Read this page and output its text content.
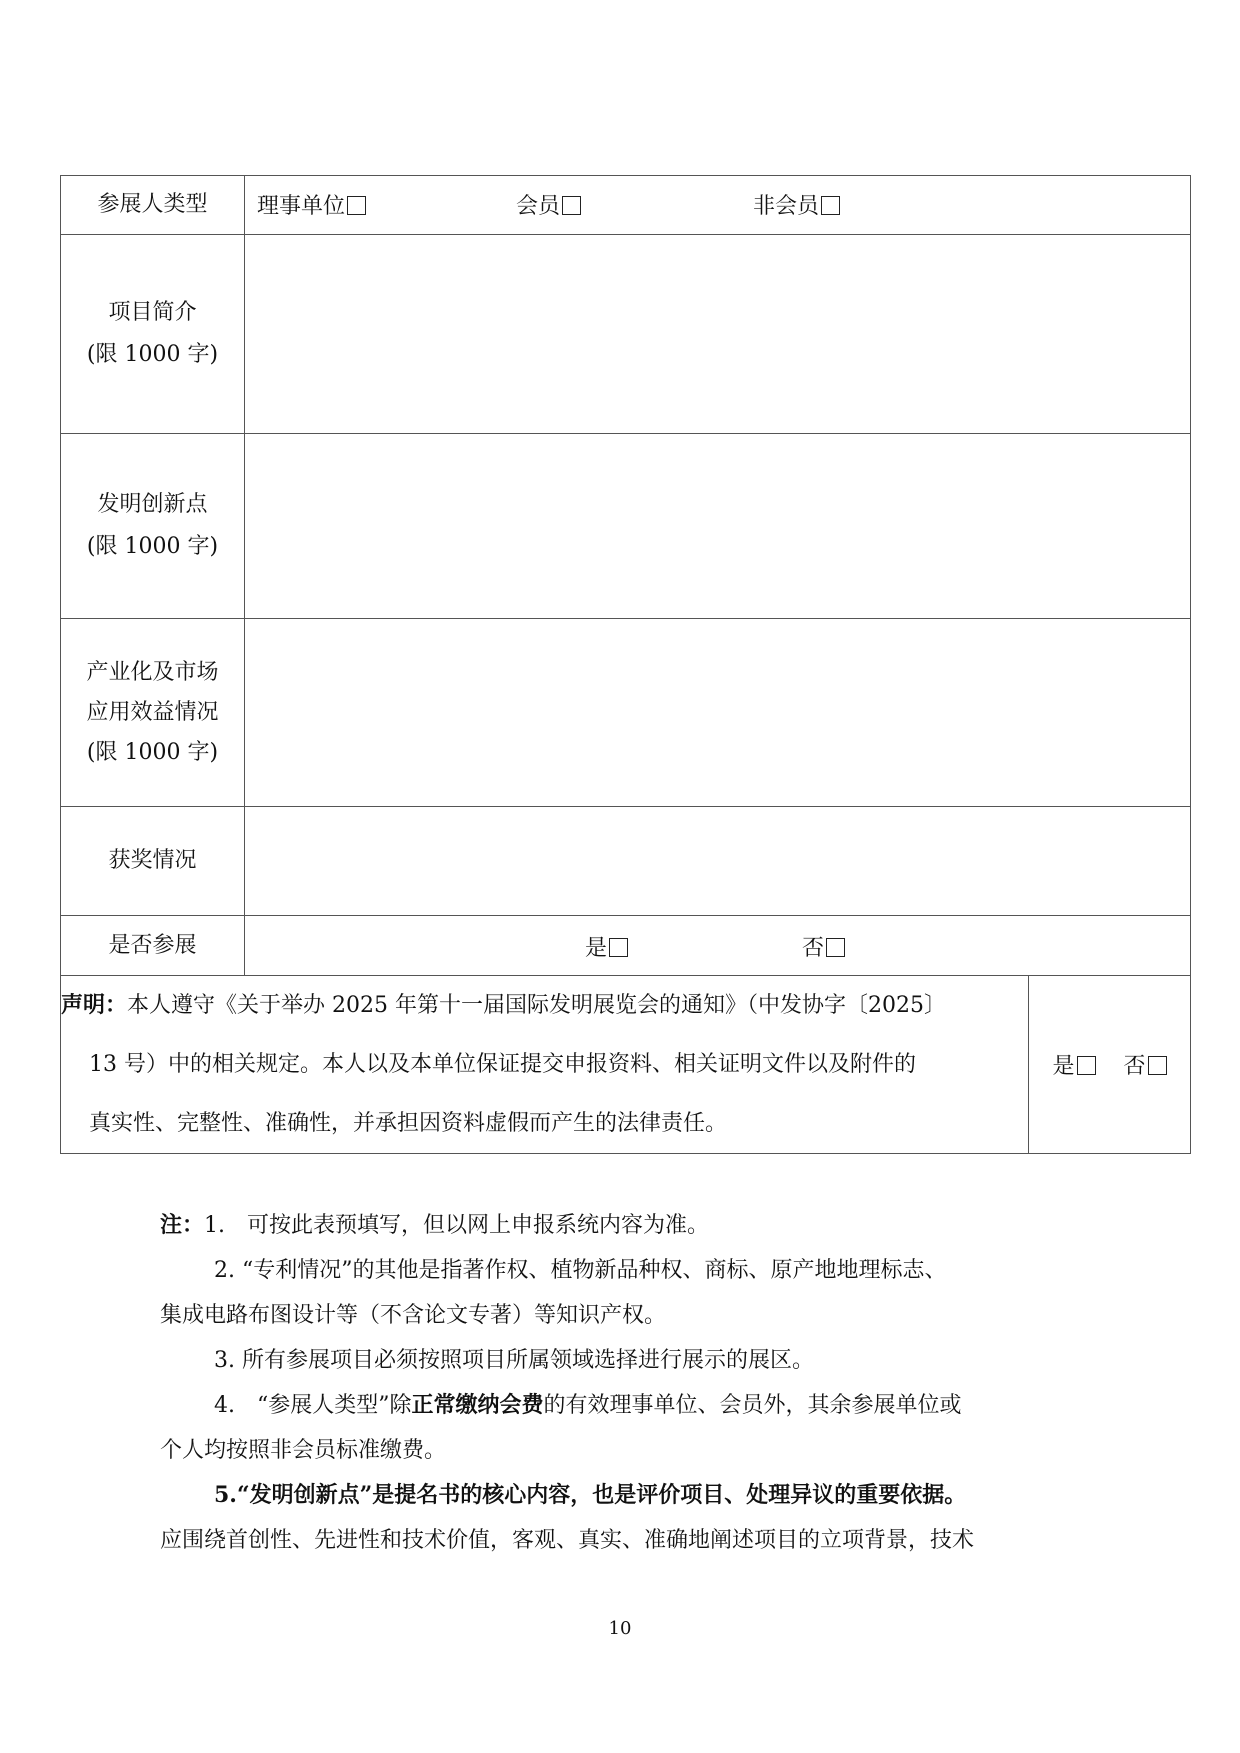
参展人类型	理事单位 会员 非会员	

项目简介
(限 1000 字)		

发明创新点
(限 1000 字)		

产业化及市场
应用效益情况
(限 1000 字)		

获奖情况		
是否参展	是 否	

声明：本人遵守《关于举办 2025 年第十一届国际发明展览会的通知》（中发协字〔2025〕
13 号）中的相关规定。本人以及本单位保证提交申报资料、相关证明文件以及附件的
真实性、完整性、准确性，并承担因资料虚假而产生的法律责任。		是 否

注：1.　可按此表预填写，但以网上申报系统内容为准。

2. “专利情况”的其他是指著作权、植物新品种权、商标、原产地地理标志、

集成电路布图设计等（不含论文专著）等知识产权。

3. 所有参展项目必须按照项目所属领域选择进行展示的展区。

4.　“参展人类型”除正常缴纳会费的有效理事单位、会员外，其余参展单位或

个人均按照非会员标准缴费。

5.“发明创新点”是提名书的核心内容，也是评价项目、处理异议的重要依据。

应围绕首创性、先进性和技术价值，客观、真实、准确地阐述项目的立项背景，技术

10
